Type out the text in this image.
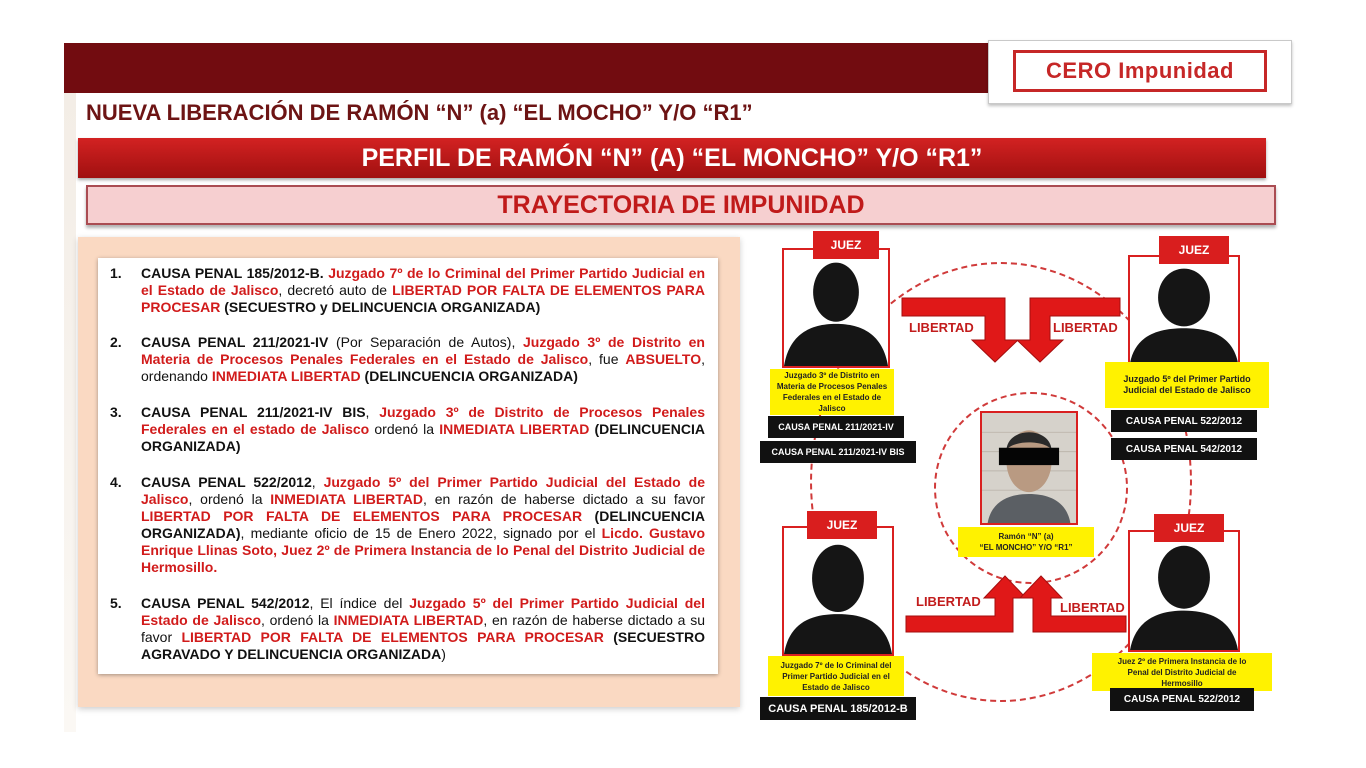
CERO Impunidad
NUEVA LIBERACIÓN DE RAMÓN “N” (a) “EL MOCHO” Y/O “R1”
PERFIL DE RAMÓN “N” (A) “EL MONCHO” Y/O “R1”
TRAYECTORIA DE IMPUNIDAD
1.	CAUSA PENAL 185/2012-B. Juzgado 7º de lo Criminal del Primer Partido Judicial en el Estado de Jalisco, decretó auto de LIBERTAD POR FALTA DE ELEMENTOS PARA PROCESAR (SECUESTRO y DELINCUENCIA ORGANIZADA)
2.	CAUSA PENAL 211/2021-IV (Por Separación de Autos), Juzgado 3º de Distrito en Materia de Procesos Penales Federales en el Estado de Jalisco, fue ABSUELTO, ordenando INMEDIATA LIBERTAD (DELINCUENCIA ORGANIZADA)
3.	CAUSA PENAL 211/2021-IV BIS, Juzgado 3º de Distrito de Procesos Penales Federales en el estado de Jalisco ordenó la INMEDIATA LIBERTAD (DELINCUENCIA ORGANIZADA)
4.	CAUSA PENAL 522/2012, Juzgado 5º del Primer Partido Judicial del Estado de Jalisco, ordenó la INMEDIATA LIBERTAD, en razón de haberse dictado a su favor LIBERTAD POR FALTA DE ELEMENTOS PARA PROCESAR (DELINCUENCIA ORGANIZADA), mediante oficio de 15 de Enero 2022, signado por el Licdo. Gustavo Enrique Llinas Soto, Juez 2º de Primera Instancia de lo Penal del Distrito Judicial de Hermosillo.
5.	CAUSA PENAL 542/2012, El índice del Juzgado 5º del Primer Partido Judicial del Estado de Jalisco, ordenó la INMEDIATA LIBERTAD, en razón de haberse dictado a su favor LIBERTAD POR FALTA DE ELEMENTOS PARA PROCESAR (SECUESTRO AGRAVADO Y DELINCUENCIA ORGANIZADA)
LIBERTAD	LIBERTAD
LIBERTAD	LIBERTAD
JUEZ
Juzgado 3º de Distrito en Materia de Procesos Penales Federales en el Estado de Jalisco
CAUSA PENAL 211/2021-IV
CAUSA PENAL 211/2021-IV BIS
JUEZ
Juzgado 5º del Primer Partido Judicial del Estado de Jalisco
CAUSA PENAL 522/2012
CAUSA PENAL 542/2012
Ramón “N” (a)
“EL MONCHO” Y/O “R1”
JUEZ
Juzgado 7º de lo Criminal del Primer Partido Judicial en el Estado de Jalisco
CAUSA PENAL 185/2012-B
JUEZ
Juez 2º de Primera Instancia de lo Penal del Distrito Judicial de Hermosillo
CAUSA PENAL 522/2012
